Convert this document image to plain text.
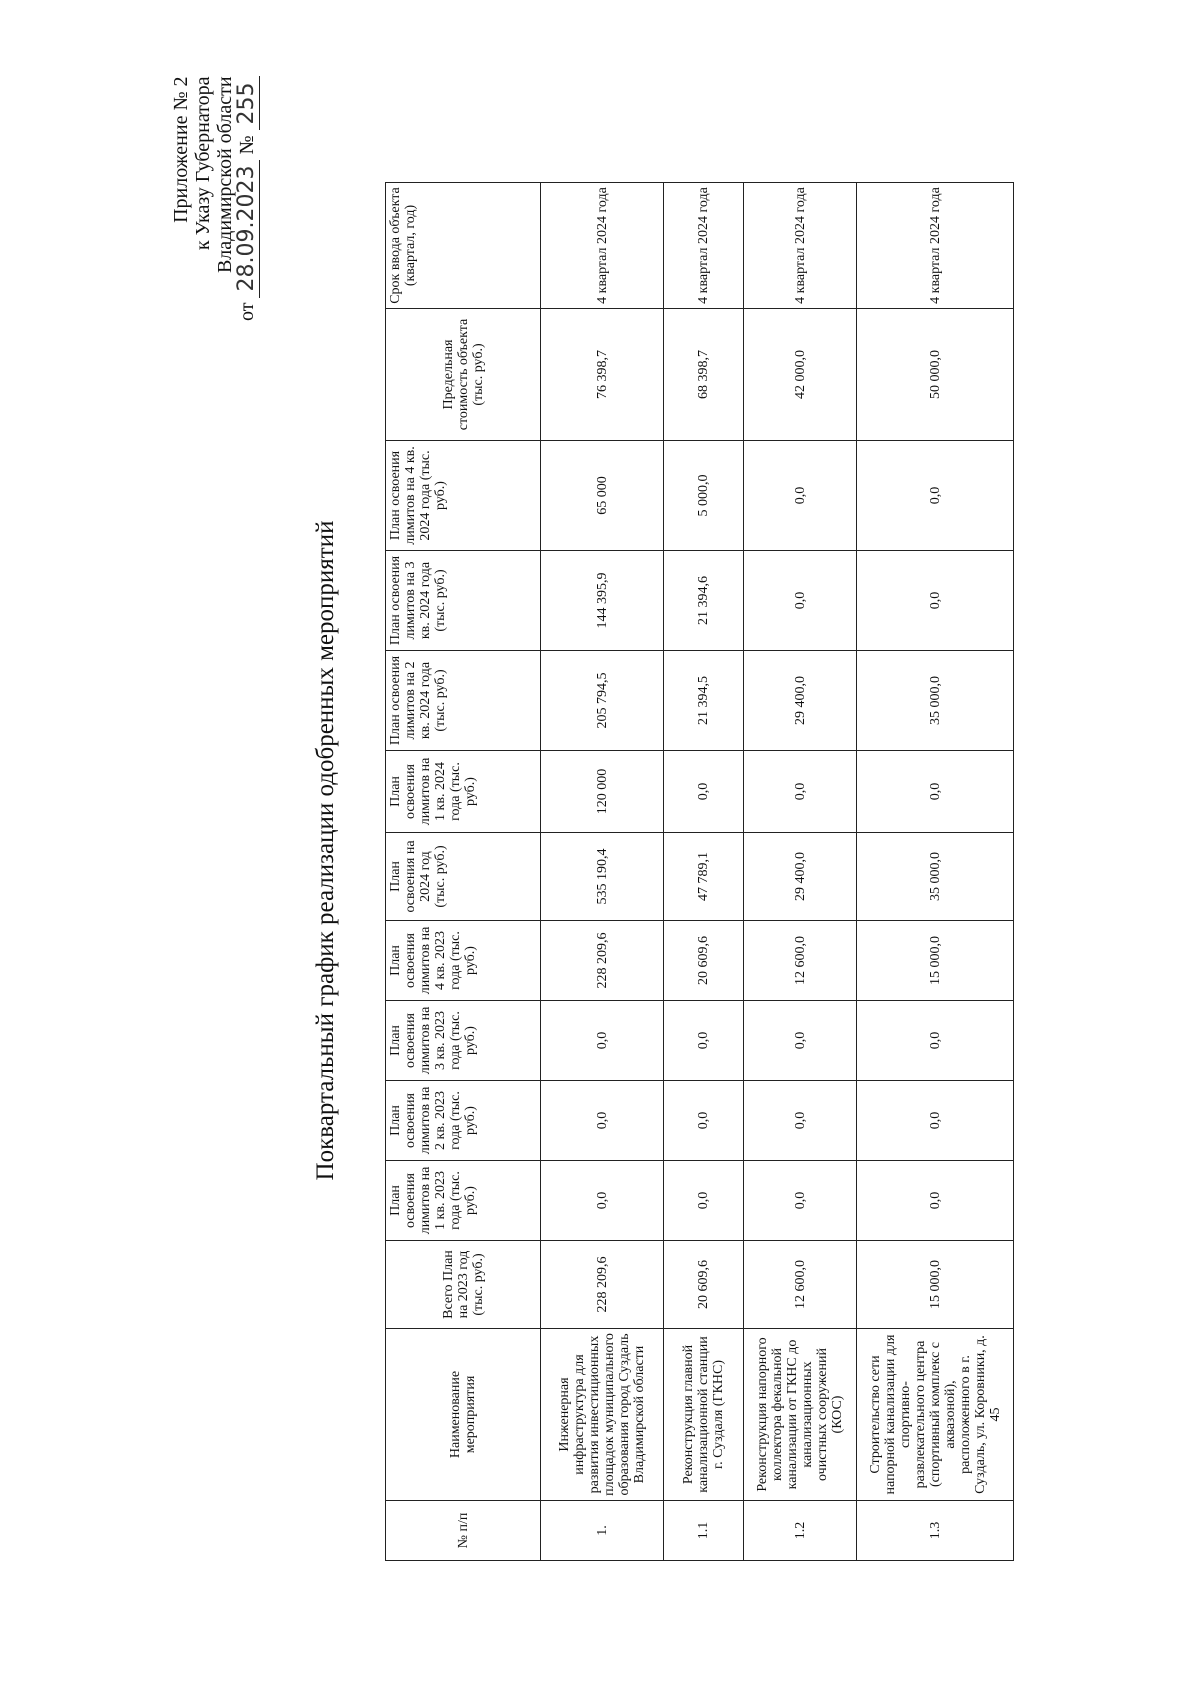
Приложение № 2 к Указу Губернатора Владимирской области
от 28.09.2023 № 255
Поквартальный график реализации одобренных мероприятий
№ п/п	Наименование мероприятия	Всего План на 2023 год (тыс. руб.)	План освоения лимитов на 1 кв. 2023 года (тыс. руб.)	План освоения лимитов на 2 кв. 2023 года (тыс. руб.)	План освоения лимитов на 3 кв. 2023 года (тыс. руб.)	План освоения лимитов на 4 кв. 2023 года (тыс. руб.)	План освоения на 2024 год (тыс. руб.)	План освоения лимитов на 1 кв. 2024 года (тыс. руб.)	План освоения лимитов на 2 кв. 2024 года (тыс. руб.)	План освоения лимитов на 3 кв. 2024 года (тыс. руб.)	План освоения лимитов на 4 кв. 2024 года (тыс. руб.)	Предельная стоимость объекта (тыс. руб.)	Срок ввода объекта (квартал, год)
1.	Инженерная инфраструктура для развития инвестиционных площадок муниципального образования город Суздаль Владимирской области	228 209,6	0,0	0,0	0,0	228 209,6	535 190,4	120 000	205 794,5	144 395,9	65 000	76 398,7	4 квартал 2024 года
1.1	Реконструкция главной канализационной станции г. Суздаля (ГКНС)	20 609,6	0,0	0,0	0,0	20 609,6	47 789,1	0,0	21 394,5	21 394,6	5 000,0	68 398,7	4 квартал 2024 года
1.2	Реконструкция напорного коллектора фекальной канализации от ГКНС до канализационных очистных сооружений (КОС)	12 600,0	0,0	0,0	0,0	12 600,0	29 400,0	0,0	29 400,0	0,0	0,0	42 000,0	4 квартал 2024 года
1.3	Строительство сети напорной канализации для спортивно-развлекательного центра (спортивный комплекс с аквазоной), расположенного в г. Суздаль, ул. Коровники, д. 45	15 000,0	0,0	0,0	0,0	15 000,0	35 000,0	0,0	35 000,0	0,0	0,0	50 000,0	4 квартал 2024 года
